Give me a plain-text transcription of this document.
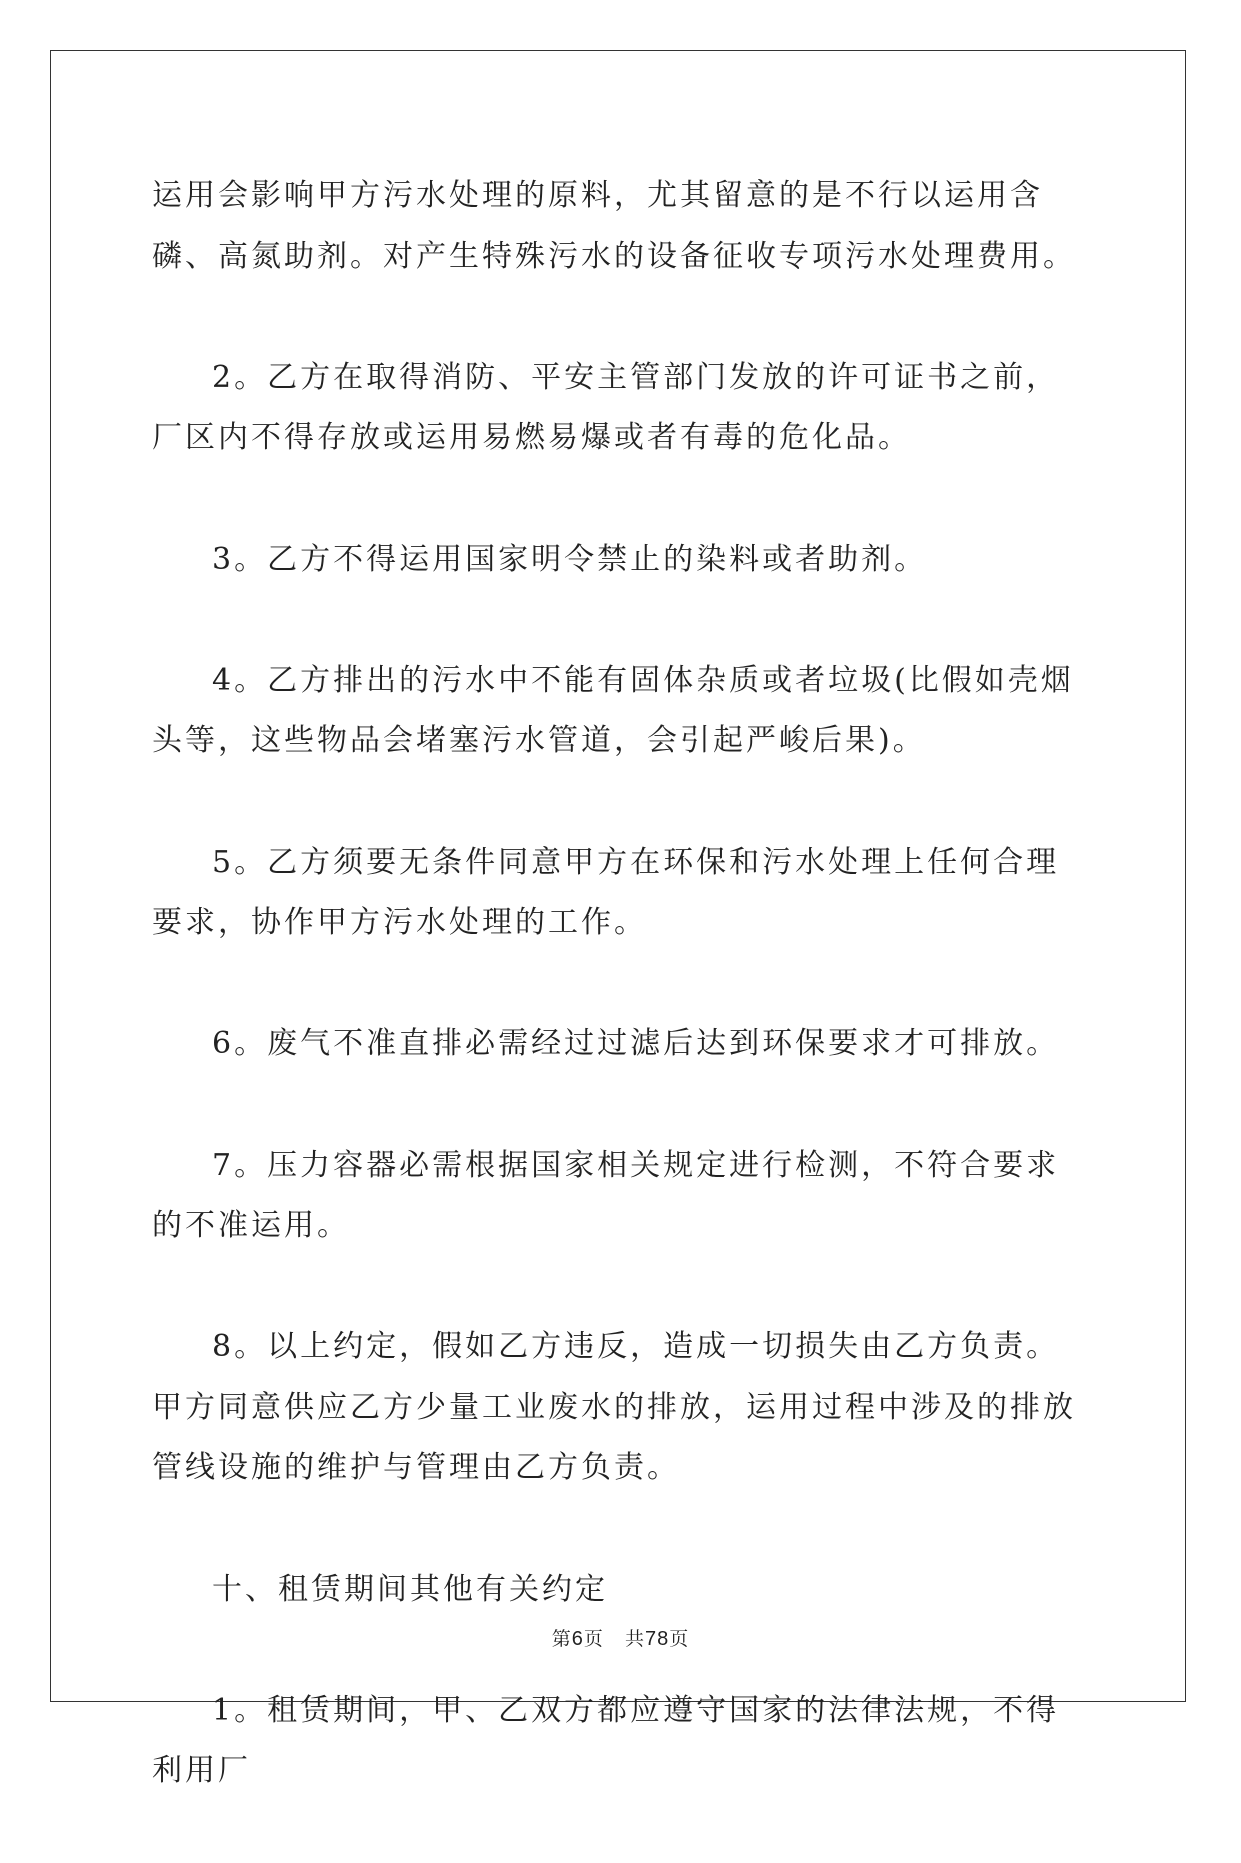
运用会影响甲方污水处理的原料，尤其留意的是不行以运用含磷、高氮助剂。对产生特殊污水的设备征收专项污水处理费用。

2。乙方在取得消防、平安主管部门发放的许可证书之前，厂区内不得存放或运用易燃易爆或者有毒的危化品。

3。乙方不得运用国家明令禁止的染料或者助剂。

4。乙方排出的污水中不能有固体杂质或者垃圾(比假如壳烟头等，这些物品会堵塞污水管道，会引起严峻后果)。

5。乙方须要无条件同意甲方在环保和污水处理上任何合理要求，协作甲方污水处理的工作。

6。废气不准直排必需经过过滤后达到环保要求才可排放。

7。压力容器必需根据国家相关规定进行检测，不符合要求的不准运用。

8。以上约定，假如乙方违反，造成一切损失由乙方负责。甲方同意供应乙方少量工业废水的排放，运用过程中涉及的排放管线设施的维护与管理由乙方负责。

十、租赁期间其他有关约定

1。租赁期间，甲、乙双方都应遵守国家的法律法规，不得利用厂

第6页 共78页
